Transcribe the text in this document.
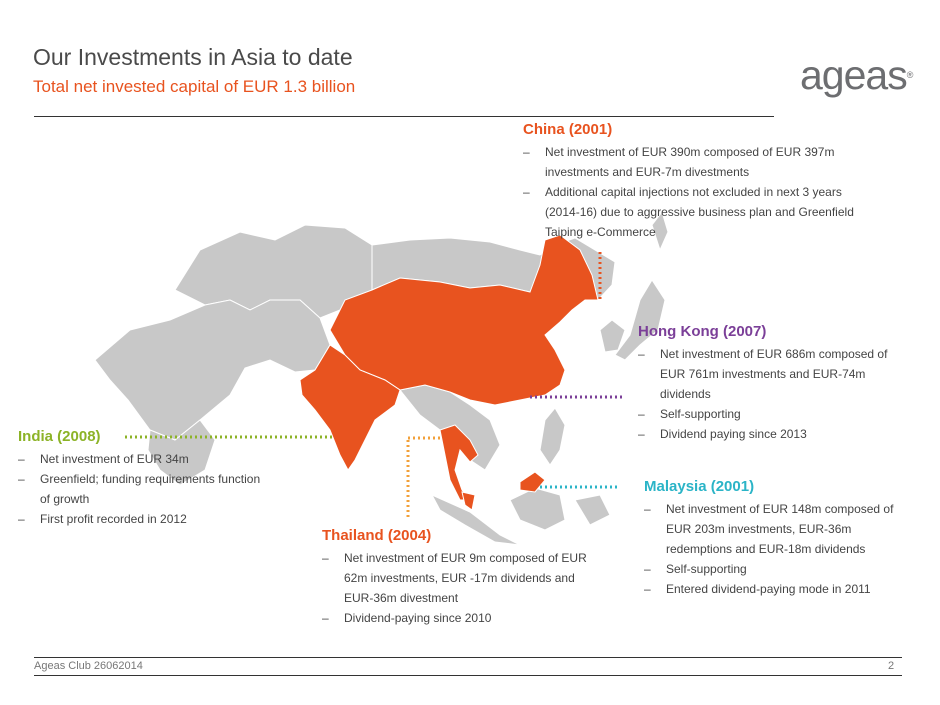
Our Investments in Asia to date
Total net invested capital of EUR 1.3 billion	ageas®
China (2001)
– Net investment of EUR 390m composed of EUR 397m investments and EUR-7m divestments
– Additional capital injections not excluded in next 3 years (2014-16) due to aggressive business plan and Greenfield Taiping e-Commerce
Hong Kong (2007)
– Net investment of EUR 686m composed of EUR 761m investments and EUR-74m dividends
– Self-supporting
– Dividend paying since 2013
India (2008)
– Net investment of EUR 34m
– Greenfield; funding requirements function of growth
– First profit recorded in 2012
Thailand (2004)
– Net investment of EUR 9m composed of EUR 62m investments, EUR -17m dividends and EUR-36m divestment
– Dividend-paying since 2010
Malaysia (2001)
– Net investment of EUR 148m composed of EUR 203m investments, EUR-36m redemptions and EUR-18m dividends
– Self-supporting
– Entered dividend-paying mode in 2011
Ageas Club 26062014	2
